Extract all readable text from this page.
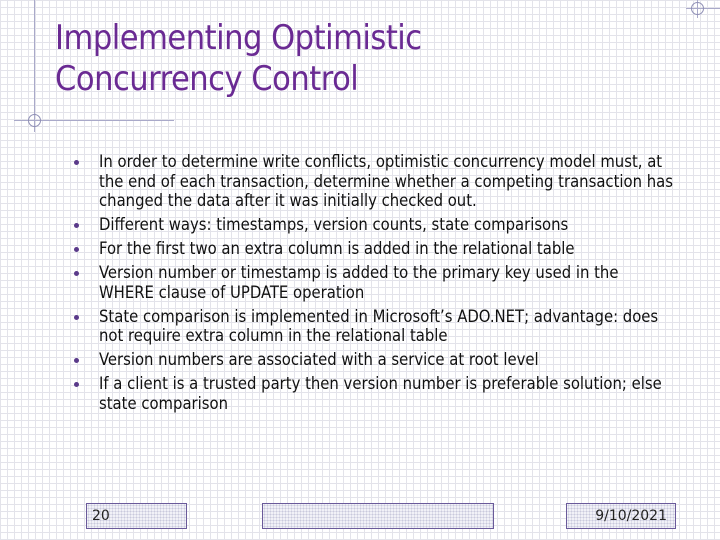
Implementing Optimistic
Concurrency Control
In order to determine write conflicts, optimistic concurrency model must, at the end of each transaction, determine whether a competing transaction has changed the data after it was initially checked out.
Different ways: timestamps, version counts, state comparisons
For the first two an extra column is added in the relational table
Version number or timestamp is added to the primary key used in the WHERE clause of UPDATE operation
State comparison is implemented in Microsoft’s ADO.NET; advantage: does not require extra column in the relational table
Version numbers are associated with a service at root level
If a client is a trusted party then version number is preferable solution; else state comparison
20	9/10/2021
